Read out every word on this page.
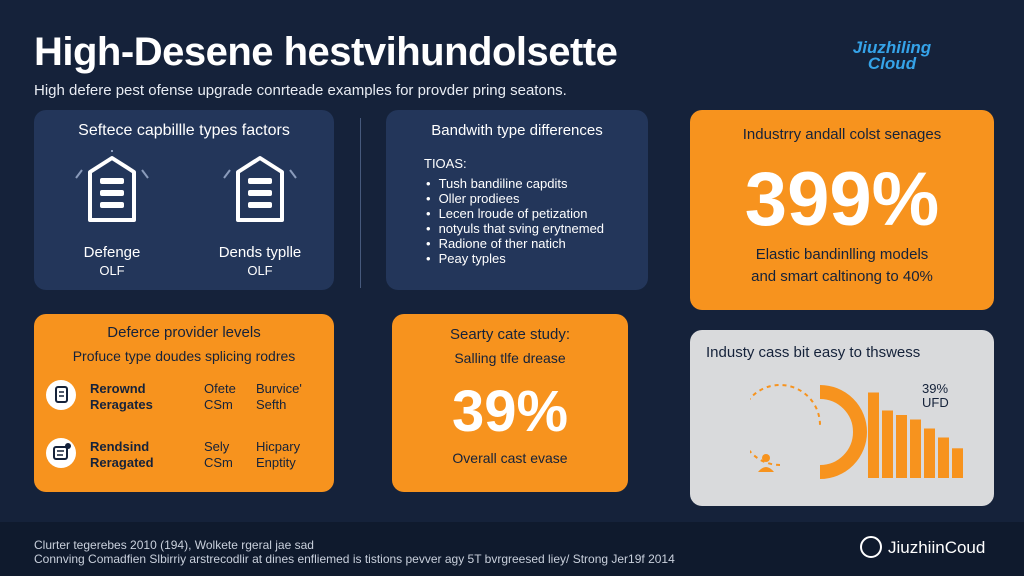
High-Desene hestvihundolsette
High defere pest ofense upgrade conrteade examples for provder pring seatons.
Jiuzhiling Cloud
Seftece capbillle types factors
Defenge
OLF
Dends typlle
OLF
Bandwith type differences
TIOAS:
• Tush bandiline capdits
• Oller prodiees
• Lecen lroude of petization
• notyuls that sving erytnemed
• Radione of ther natich
• Peay typles
Industrry andall colst senages
399%
Elastic bandinlling models
and smart caltinong to 40%
Deferce provider levels
Profuce type doudes splicing rodres
Rerownd
Reragates
Ofete
CSm
Burvice'
Sefth
Rendsind
Reragated
Sely
CSm
Hicpary
Enptity
Searty cate study:
Salling tlfe drease
39%
Overall cast evase
Industy cass bit easy to thswess
39%
UFD
Clurter tegerebes 2010 (194), Wolkete rgeral jae sad
Connving Comadfien Slbirriy arstrecodlir at dines enfliemed is tistions pevver agy 5T bvrgreesed liey/ Strong Jer19f 2014
JiuzhiinCoud
